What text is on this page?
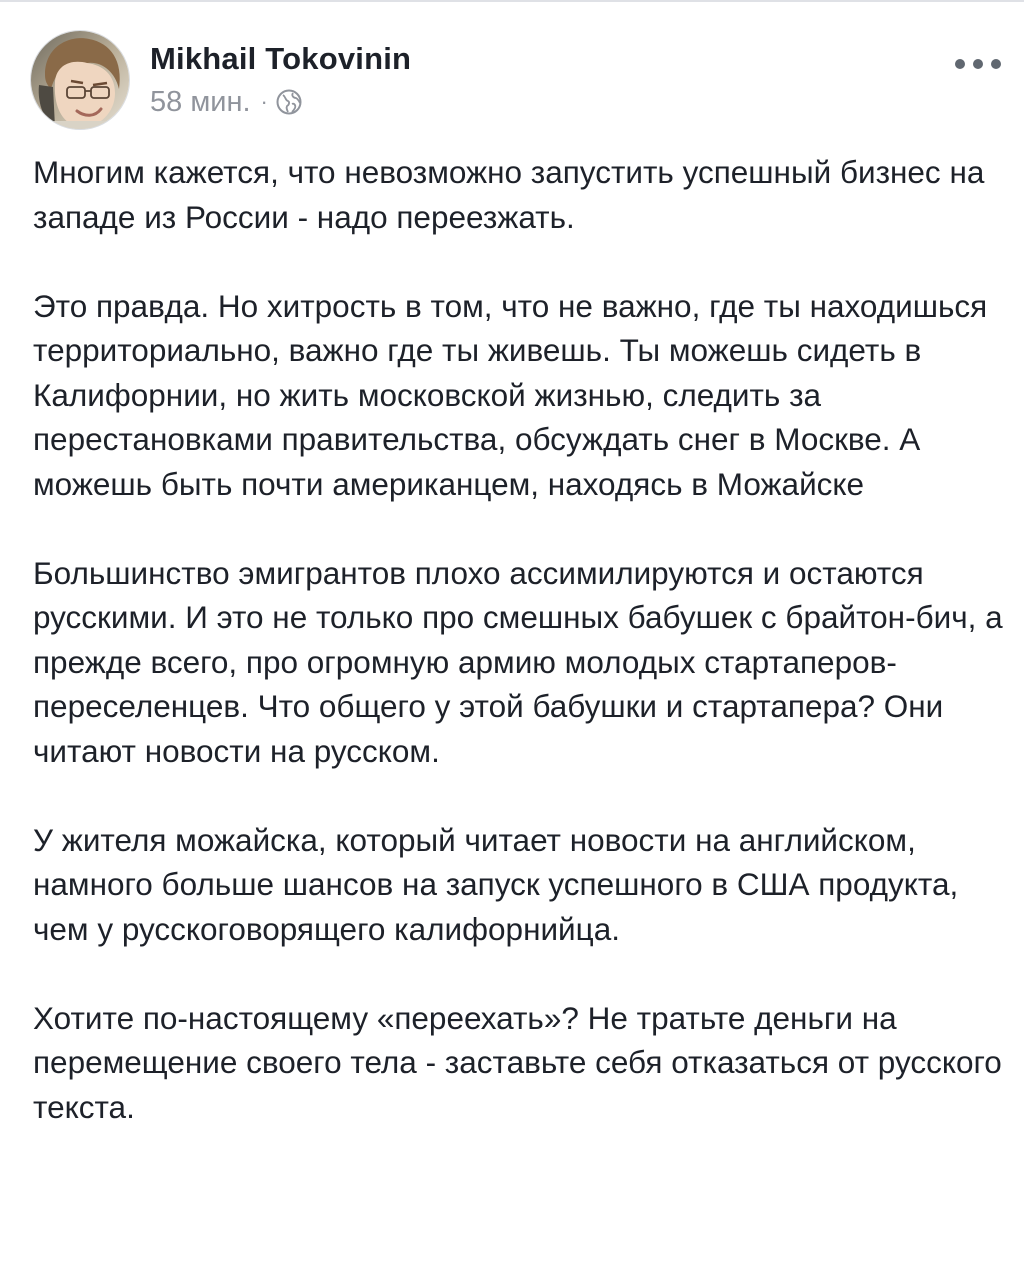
Mikhail Tokovinin
58 мин. ·

Многим кажется, что невозможно запустить успешный бизнес на западе из России - надо переезжать.

Это правда. Но хитрость в том, что не важно, где ты находишься территориально, важно где ты живешь. Ты можешь сидеть в Калифорнии, но жить московской жизнью, следить за перестановками правительства, обсуждать снег в Москве. А можешь быть почти американцем, находясь в Можайске

Большинство эмигрантов плохо ассимилируются и остаются русскими. И это не только про смешных бабушек с брайтон-бич, а прежде всего, про огромную армию молодых стартаперов-переселенцев. Что общего у этой бабушки и стартапера? Они читают новости на русском.

У жителя можайска, который читает новости на английском, намного больше шансов на запуск успешного в США продукта, чем у русскоговорящего калифорнийца.

Хотите по-настоящему «переехать»? Не тратьте деньги на перемещение своего тела - заставьте себя отказаться от русского текста.
